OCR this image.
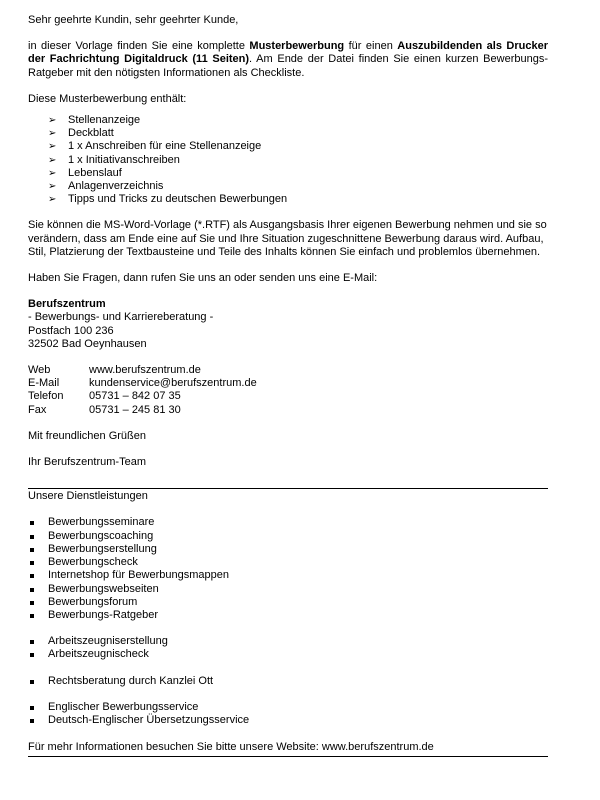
Sehr geehrte Kundin, sehr geehrter Kunde,

in dieser Vorlage finden Sie eine komplette Musterbewerbung für einen Auszubildenden als Drucker der Fachrichtung Digitaldruck (11 Seiten). Am Ende der Datei finden Sie einen kurzen Bewerbungs-Ratgeber mit den nötigsten Informationen als Checkliste.

Diese Musterbewerbung enthält:

➢ Stellenanzeige
➢ Deckblatt
➢ 1 x Anschreiben für eine Stellenanzeige
➢ 1 x Initiativanschreiben
➢ Lebenslauf
➢ Anlagenverzeichnis
➢ Tipps und Tricks zu deutschen Bewerbungen

Sie können die MS-Word-Vorlage (*.RTF) als Ausgangsbasis Ihrer eigenen Bewerbung nehmen und sie so verändern, dass am Ende eine auf Sie und Ihre Situation zugeschnittene Bewerbung daraus wird. Aufbau, Stil, Platzierung der Textbausteine und Teile des Inhalts können Sie einfach und problemlos übernehmen.

Haben Sie Fragen, dann rufen Sie uns an oder senden uns eine E-Mail:

Berufszentrum

- Bewerbungs- und Karriereberatung -

Postfach 100 236

32502 Bad Oeynhausen

Web	www.berufszentrum.de
E-Mail	kundenservice@berufszentrum.de
Telefon	05731 – 842 07 35
Fax	05731 – 245 81 30

Mit freundlichen Grüßen

Ihr Berufszentrum-Team

Unsere Dienstleistungen

Bewerbungsseminare
Bewerbungscoaching
Bewerbungserstellung
Bewerbungscheck
Internetshop für Bewerbungsmappen
Bewerbungswebseiten
Bewerbungsforum
Bewerbungs-Ratgeber
Arbeitszeugniserstellung
Arbeitszeugnischeck
Rechtsberatung durch Kanzlei Ott
Englischer Bewerbungsservice
Deutsch-Englischer Übersetzungsservice

Für mehr Informationen besuchen Sie bitte unsere Website: www.berufszentrum.de
